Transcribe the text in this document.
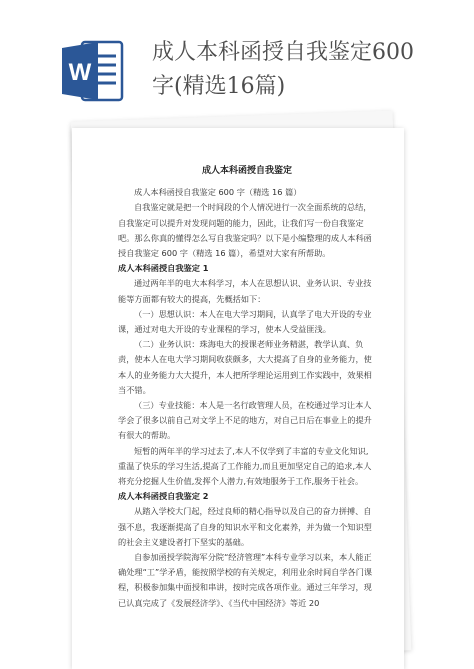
W
成人本科函授自我鉴定600
字(精选16篇)

成人本科函授自我鉴定

成人本科函授自我鉴定 600 字（精选 16 篇）

自我鉴定就是把一个时间段的个人情况进行一次全面系统的总结，自我鉴定可以提升对发现问题的能力，因此，让我们写一份自我鉴定吧。那么你真的懂得怎么写自我鉴定吗？以下是小编整理的成人本科函授自我鉴定 600 字（精选 16 篇），希望对大家有所帮助。

成人本科函授自我鉴定 1

通过两年半的电大本科学习，本人在思想认识、业务认识、专业技能等方面都有较大的提高，先概括如下：

（一）思想认识：本人在电大学习期间，认真学了电大开设的专业课，通过对电大开设的专业课程的学习，使本人受益匪浅。

（二）业务认识：珠海电大的授课老师业务精湛，教学认真、负责，使本人在电大学习期间收获颇多，大大提高了自身的业务能力，使本人的业务能力大大提升，本人把所学理论运用到工作实践中，效果相当不错。

（三）专业技能：本人是一名行政管理人员，在校通过学习让本人学会了很多以前自己对文学上不足的地方，对自己日后在事业上的提升有很大的帮助。

短暂的两年半的学习过去了,本人不仅学到了丰富的专业文化知识,重温了快乐的学习生活,提高了工作能力,而且更加坚定自己的追求,本人将充分挖掘人生价值,发挥个人潜力,有效地服务于工作,服务于社会。

成人本科函授自我鉴定 2

从踏入学校大门起，经过良师的精心指导以及自己的奋力拼搏、自强不息，我逐渐提高了自身的知识水平和文化素养，并为做一个知识型的社会主义建设者打下坚实的基础。

自参加函授学院海军分院“经济管理”本科专业学习以来，本人能正确处理“工”学矛盾，能按照学校的有关规定，利用业余时间自学各门课程，积极参加集中面授和串讲，按时完成各项作业。通过三年学习，现已认真完成了《发展经济学》、《当代中国经济》等近 20
